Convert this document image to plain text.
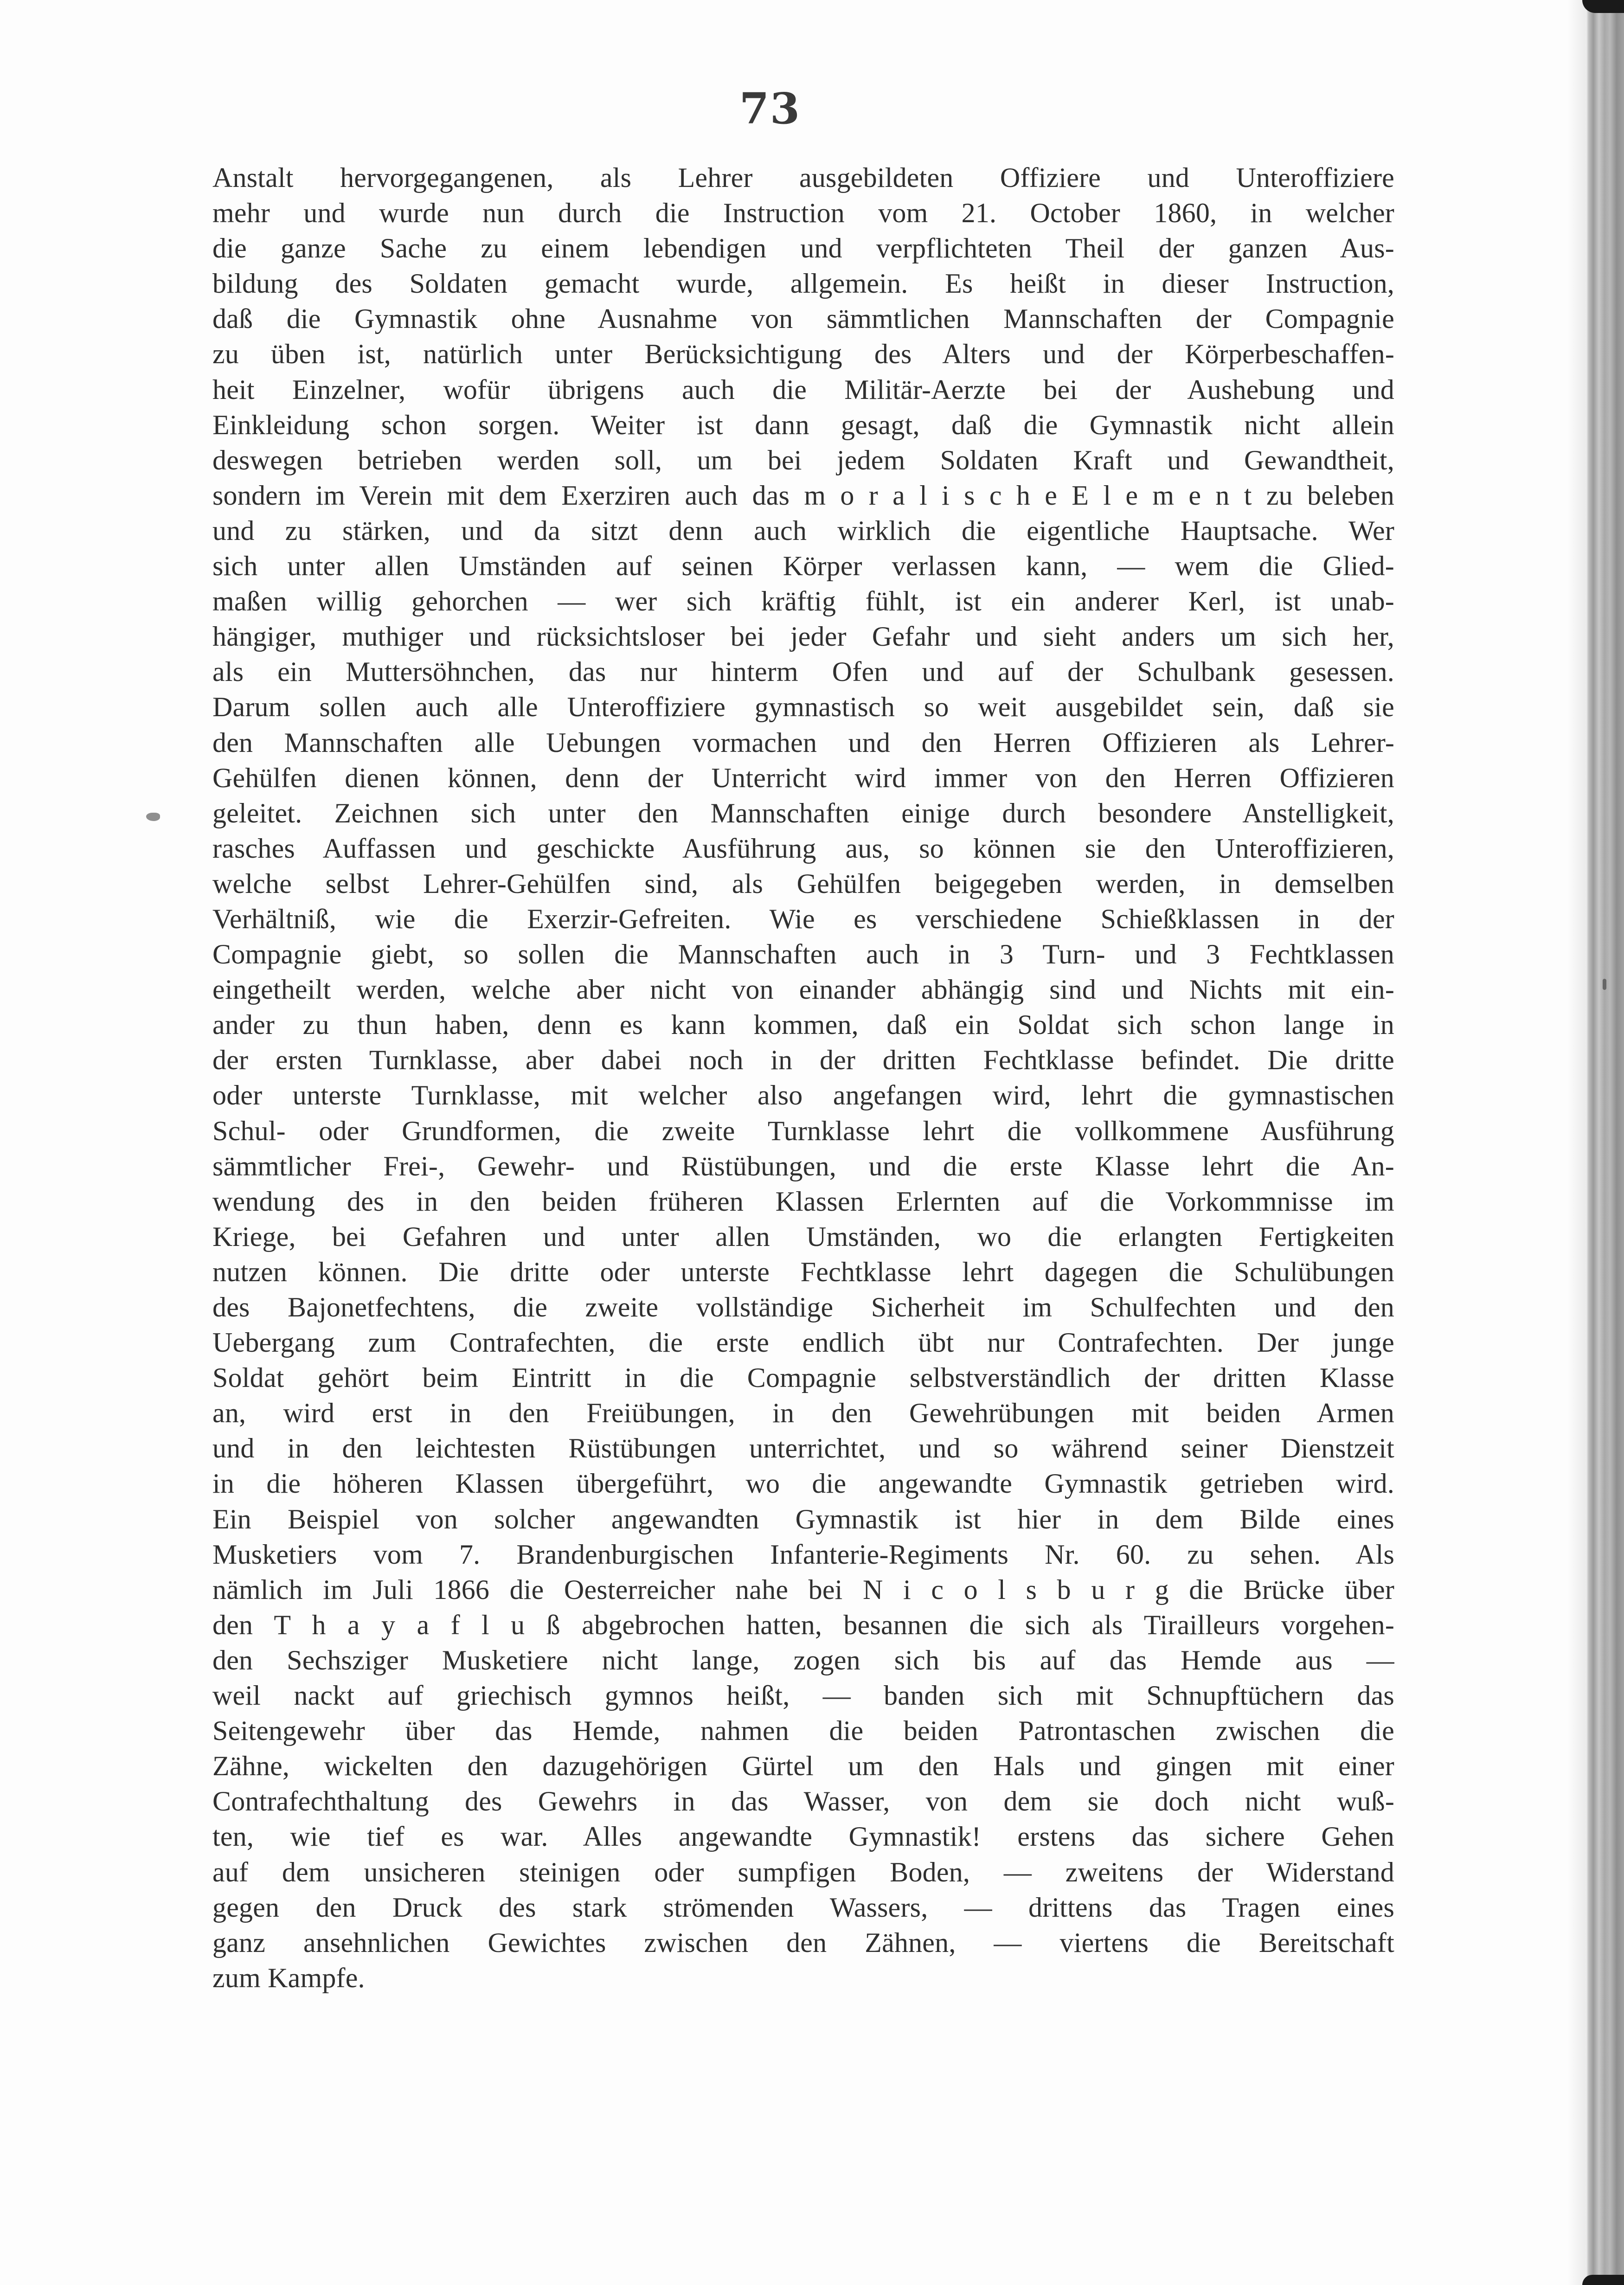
73
Anstalt hervorgegangenen, als Lehrer ausgebildeten Offiziere und Unteroffiziere
mehr und wurde nun durch die Instruction vom 21. October 1860, in welcher
die ganze Sache zu einem lebendigen und verpflichteten Theil der ganzen Aus-
bildung des Soldaten gemacht wurde, allgemein. Es heißt in dieser Instruction,
daß die Gymnastik ohne Ausnahme von sämmtlichen Mannschaften der Compagnie
zu üben ist, natürlich unter Berücksichtigung des Alters und der Körperbeschaffen-
heit Einzelner, wofür übrigens auch die Militär-Aerzte bei der Aushebung und
Einkleidung schon sorgen. Weiter ist dann gesagt, daß die Gymnastik nicht allein
deswegen betrieben werden soll, um bei jedem Soldaten Kraft und Gewandtheit,
sondern im Verein mit dem Exerziren auch das m o r a l i s c h e E l e m e n t zu beleben
und zu stärken, und da sitzt denn auch wirklich die eigentliche Hauptsache. Wer
sich unter allen Umständen auf seinen Körper verlassen kann, — wem die Glied-
maßen willig gehorchen — wer sich kräftig fühlt, ist ein anderer Kerl, ist unab-
hängiger, muthiger und rücksichtsloser bei jeder Gefahr und sieht anders um sich her,
als ein Muttersöhnchen, das nur hinterm Ofen und auf der Schulbank gesessen.
Darum sollen auch alle Unteroffiziere gymnastisch so weit ausgebildet sein, daß sie
den Mannschaften alle Uebungen vormachen und den Herren Offizieren als Lehrer-
Gehülfen dienen können, denn der Unterricht wird immer von den Herren Offizieren
geleitet. Zeichnen sich unter den Mannschaften einige durch besondere Anstelligkeit,
rasches Auffassen und geschickte Ausführung aus, so können sie den Unteroffizieren,
welche selbst Lehrer-Gehülfen sind, als Gehülfen beigegeben werden, in demselben
Verhältniß, wie die Exerzir-Gefreiten. Wie es verschiedene Schießklassen in der
Compagnie giebt, so sollen die Mannschaften auch in 3 Turn- und 3 Fechtklassen
eingetheilt werden, welche aber nicht von einander abhängig sind und Nichts mit ein-
ander zu thun haben, denn es kann kommen, daß ein Soldat sich schon lange in
der ersten Turnklasse, aber dabei noch in der dritten Fechtklasse befindet. Die dritte
oder unterste Turnklasse, mit welcher also angefangen wird, lehrt die gymnastischen
Schul- oder Grundformen, die zweite Turnklasse lehrt die vollkommene Ausführung
sämmtlicher Frei-, Gewehr- und Rüstübungen, und die erste Klasse lehrt die An-
wendung des in den beiden früheren Klassen Erlernten auf die Vorkommnisse im
Kriege, bei Gefahren und unter allen Umständen, wo die erlangten Fertigkeiten
nutzen können. Die dritte oder unterste Fechtklasse lehrt dagegen die Schulübungen
des Bajonetfechtens, die zweite vollständige Sicherheit im Schulfechten und den
Uebergang zum Contrafechten, die erste endlich übt nur Contrafechten. Der junge
Soldat gehört beim Eintritt in die Compagnie selbstverständlich der dritten Klasse
an, wird erst in den Freiübungen, in den Gewehrübungen mit beiden Armen
und in den leichtesten Rüstübungen unterrichtet, und so während seiner Dienstzeit
in die höheren Klassen übergeführt, wo die angewandte Gymnastik getrieben wird.
Ein Beispiel von solcher angewandten Gymnastik ist hier in dem Bilde eines
Musketiers vom 7. Brandenburgischen Infanterie-Regiments Nr. 60. zu sehen. Als
nämlich im Juli 1866 die Oesterreicher nahe bei N i c o l s b u r g die Brücke über
den T h a y a f l u ß abgebrochen hatten, besannen die sich als Tirailleurs vorgehen-
den Sechsziger Musketiere nicht lange, zogen sich bis auf das Hemde aus —
weil nackt auf griechisch gymnos heißt, — banden sich mit Schnupftüchern das
Seitengewehr über das Hemde, nahmen die beiden Patrontaschen zwischen die
Zähne, wickelten den dazugehörigen Gürtel um den Hals und gingen mit einer
Contrafechthaltung des Gewehrs in das Wasser, von dem sie doch nicht wuß-
ten, wie tief es war. Alles angewandte Gymnastik! erstens das sichere Gehen
auf dem unsicheren steinigen oder sumpfigen Boden, — zweitens der Widerstand
gegen den Druck des stark strömenden Wassers, — drittens das Tragen eines
ganz ansehnlichen Gewichtes zwischen den Zähnen, — viertens die Bereitschaft
zum Kampfe.
